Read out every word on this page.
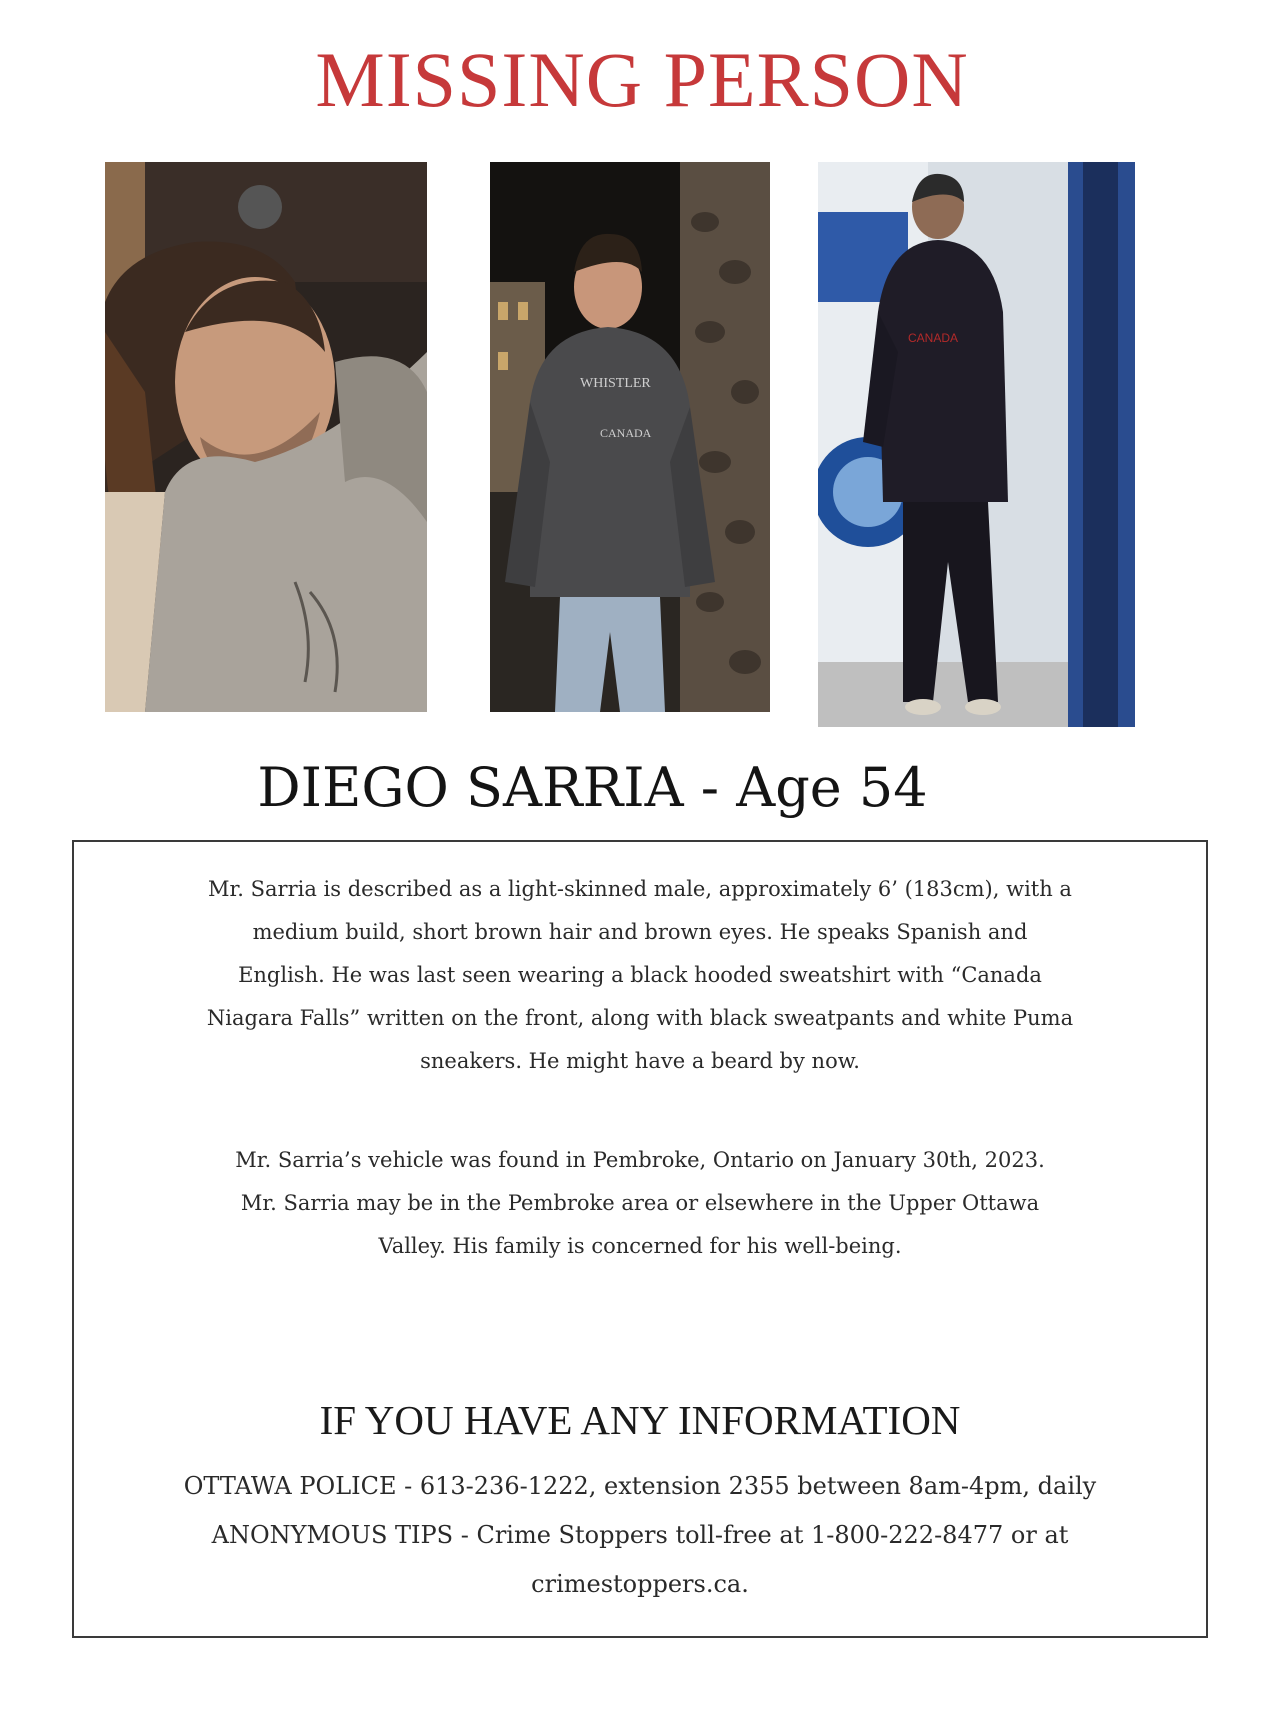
MISSING PERSON
WHISTLER
CANADA
CANADA
DIEGO SARRIA - Age 54
Mr. Sarria is described as a light-skinned male, approximately 6’ (183cm), with a
medium build, short brown hair and brown eyes. He speaks Spanish and
English. He was last seen wearing a black hooded sweatshirt with “Canada
Niagara Falls” written on the front, along with black sweatpants and white Puma
sneakers. He might have a beard by now.
Mr. Sarria’s vehicle was found in Pembroke, Ontario on January 30th, 2023.
Mr. Sarria may be in the Pembroke area or elsewhere in the Upper Ottawa
Valley. His family is concerned for his well-being.
IF YOU HAVE ANY INFORMATION
OTTAWA POLICE - 613-236-1222, extension 2355 between 8am-4pm, daily
ANONYMOUS TIPS - Crime Stoppers toll-free at 1-800-222-8477 or at
crimestoppers.ca.
